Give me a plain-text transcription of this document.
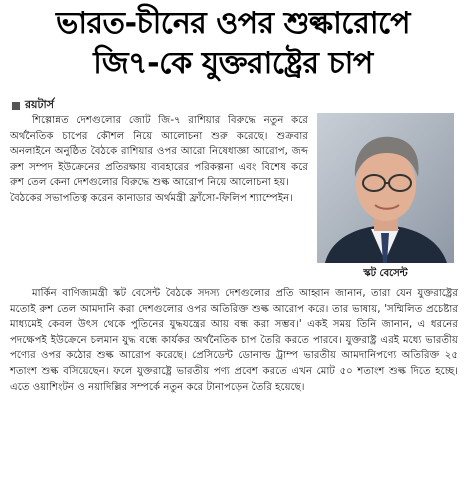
ভারত-চীনের ওপর শুল্কারোপে
জি৭-কে যুক্তরাষ্ট্রের চাপ
রয়টার্স

শিল্পোন্নত দেশগুলোর জোট জি-৭ রাশিয়ার বিরুদ্ধে নতুন করে অর্থনৈতিক চাপের কৌশল নিয়ে আলোচনা শুরু করেছে। শুক্রবার অনলাইনে অনুষ্ঠিত বৈঠকে রাশিয়ার ওপর আরো নিষেধাজ্ঞা আরোপ, জব্দ রুশ সম্পদ ইউক্রেনের প্রতিরক্ষায় ব্যবহারের পরিকল্পনা এবং বিশেষ করে রুশ তেল কেনা দেশগুলোর বিরুদ্ধে শুল্ক আরোপ নিয়ে আলোচনা হয়।

বৈঠকের সভাপতিত্ব করেন কানাডার অর্থমন্ত্রী ফ্রাঁসো-ফিলিপ শ্যাম্পেইন।

স্কট বেসেন্ট

মার্কিন বাণিজ্যমন্ত্রী স্কট বেসেন্ট বৈঠকে সদস্য দেশগুলোর প্রতি আহ্বান জানান, তারা যেন যুক্তরাষ্ট্রের মতোই রুশ তেল আমদানি করা দেশগুলোর ওপর অতিরিক্ত শুল্ক আরোপ করে। তার ভাষায়, 'সম্মিলিত প্রচেষ্টার মাধ্যমেই কেবল উৎস থেকে পুতিনের যুদ্ধযন্ত্রের আয় বন্ধ করা সম্ভব।' একই সময় তিনি জানান, এ ধরনের পদক্ষেপই ইউক্রেনে চলমান যুদ্ধ বন্ধে কার্যকর অর্থনৈতিক চাপ তৈরি করতে পারবে। যুক্তরাষ্ট্র এরই মধ্যে ভারতীয় পণ্যের ওপর কঠোর শুল্ক আরোপ করেছে। প্রেসিডেন্ট ডোনাল্ড ট্রাম্প ভারতীয় আমদানিপণ্যে অতিরিক্ত ২৫ শতাংশ শুল্ক বসিয়েছেন। ফলে যুক্তরাষ্ট্রে ভারতীয় পণ্য প্রবেশ করতে এখন মোট ৫০ শতাংশ শুল্ক দিতে হচ্ছে। এতে ওয়াশিংটন ও নয়াদিল্লির সম্পর্কে নতুন করে টানাপড়েন তৈরি হয়েছে।
